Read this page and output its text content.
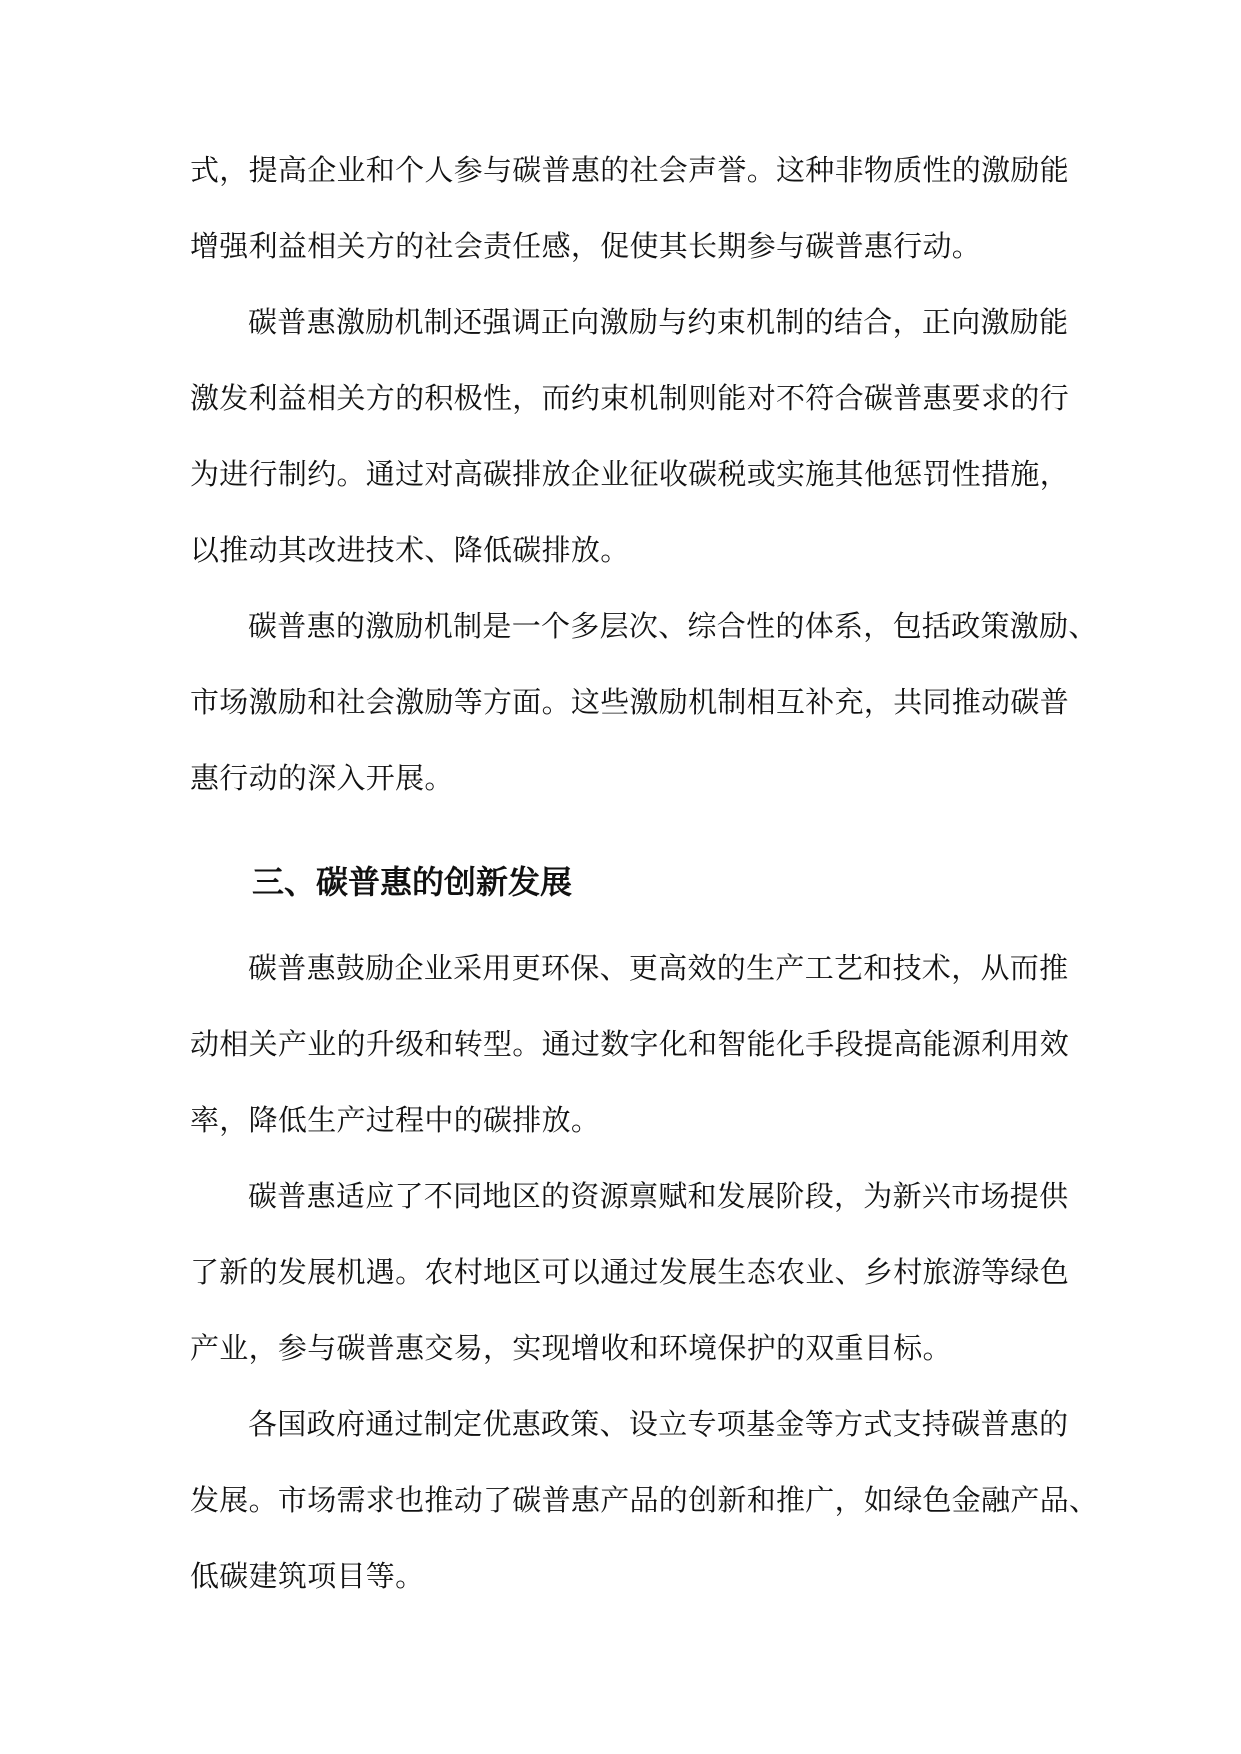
式，提高企业和个人参与碳普惠的社会声誉。这种非物质性的激励能
增强利益相关方的社会责任感，促使其长期参与碳普惠行动。
碳普惠激励机制还强调正向激励与约束机制的结合，正向激励能
激发利益相关方的积极性，而约束机制则能对不符合碳普惠要求的行
为进行制约。通过对高碳排放企业征收碳税或实施其他惩罚性措施，
以推动其改进技术、降低碳排放。
碳普惠的激励机制是一个多层次、综合性的体系，包括政策激励、
市场激励和社会激励等方面。这些激励机制相互补充，共同推动碳普
惠行动的深入开展。
三、碳普惠的创新发展
碳普惠鼓励企业采用更环保、更高效的生产工艺和技术，从而推
动相关产业的升级和转型。通过数字化和智能化手段提高能源利用效
率，降低生产过程中的碳排放。
碳普惠适应了不同地区的资源禀赋和发展阶段，为新兴市场提供
了新的发展机遇。农村地区可以通过发展生态农业、乡村旅游等绿色
产业，参与碳普惠交易，实现增收和环境保护的双重目标。
各国政府通过制定优惠政策、设立专项基金等方式支持碳普惠的
发展。市场需求也推动了碳普惠产品的创新和推广，如绿色金融产品、
低碳建筑项目等。
